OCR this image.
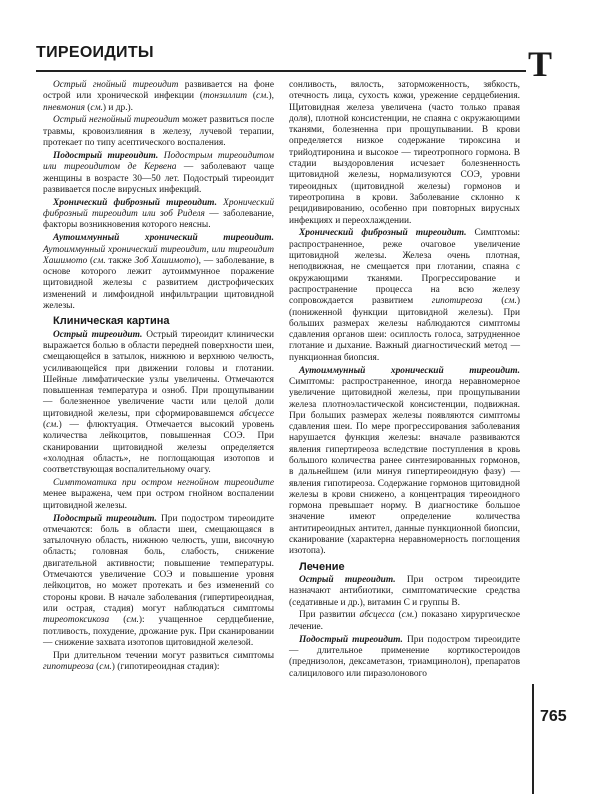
ТИРЕОИДИТЫ	Т

Острый гнойный тиреоидит развивается на фоне острой или хронической инфекции (тонзиллит (см.), пневмония (см.) и др.).

Острый негнойный тиреоидит может развиться после травмы, кровоизлияния в железу, лучевой терапии, протекает по типу асептического воспаления.

Подострый тиреоидит. Подострым тиреоидитом или тиреоидитом де Кервена — заболевают чаще женщины в возрасте 30—50 лет. Подострый тиреоидит развивается после вирусных инфекций.

Хронический фиброзный тиреоидит. Хронический фиброзный тиреоидит или зоб Риделя — заболевание, факторы возникновения которого неясны.

Аутоиммунный хронический тиреоидит. Аутоиммунный хронический тиреоидит, или тиреоидит Хашимото (см. также Зоб Хашимото), — заболевание, в основе которого лежит аутоиммунное поражение щитовидной железы с развитием дистрофических изменений и лимфоидной инфильтрации щитовидной железы.

Клиническая картина

Острый тиреоидит. Острый тиреоидит клинически выражается болью в области передней поверхности шеи, смещающейся в затылок, нижнюю и верхнюю челюсть, усиливающейся при движении головы и глотании. Шейные лимфатические узлы увеличены. Отмечаются повышенная температура и озноб. При прощупывании — болезненное увеличение части или целой доли щитовидной железы, при сформировавшемся абсцессе (см.) — флюктуация. Отмечается высокий уровень количества лейкоцитов, повышенная СОЭ. При сканировании щитовидной железы определяется «холодная область», не поглощающая изотопов и соответствующая воспалительному очагу.

Симптоматика при остром негнойном тиреоидите менее выражена, чем при остром гнойном воспалении щитовидной железы.

Подострый тиреоидит. При подостром тиреоидите отмечаются: боль в области шеи, смещающаяся в затылочную область, нижнюю челюсть, уши, височную область; головная боль, слабость, снижение двигательной активности; повышение температуры. Отмечаются увеличение СОЭ и повышение уровня лейкоцитов, но может протекать и без изменений со стороны крови. В начале заболевания (гипертиреоидная, или острая, стадия) могут наблюдаться симптомы тиреотоксикоза (см.): учащенное сердцебиение, потливость, похудение, дрожание рук. При сканировании — снижение захвата изотопов щитовидной железой.

При длительном течении могут развиться симптомы гипотиреоза (см.) (гипотиреоидная стадия):

сонливость, вялость, заторможенность, зябкость, отечность лица, сухость кожи, урежение сердцебиения. Щитовидная железа увеличена (часто только правая доля), плотной консистенции, не спаяна с окружающими тканями, болезненна при прощупывании. В крови определяется низкое содержание тироксина и трийодтиронина и высокое — тиреотропного гормона. В стадии выздоровления исчезает болезненность щитовидной железы, нормализуются СОЭ, уровни тиреоидных (щитовидной железы) гормонов и тиреотропина в крови. Заболевание склонно к рецидивированию, особенно при повторных вирусных инфекциях и переохлаждении.

Хронический фиброзный тиреоидит. Симптомы: распространенное, реже очаговое увеличение щитовидной железы. Железа очень плотная, неподвижная, не смещается при глотании, спаяна с окружающими тканями. Прогрессирование и распространение процесса на всю железу сопровождается развитием гипотиреоза (см.) (пониженной функции щитовидной железы). При больших размерах железы наблюдаются симптомы сдавления органов шеи: осиплость голоса, затрудненное глотание и дыхание. Важный диагностический метод — пункционная биопсия.

Аутоиммунный хронический тиреоидит. Симптомы: распространенное, иногда неравномерное увеличение щитовидной железы, при прощупывании железа плотноэластической консистенции, подвижная. При больших размерах железы появляются симптомы сдавления шеи. По мере прогрессирования заболевания нарушается функция железы: вначале развиваются явления гипертиреоза вследствие поступления в кровь большого количества ранее синтезированных гормонов, в дальнейшем (или минуя гипертиреоидную фазу) — явления гипотиреоза. Содержание гормонов щитовидной железы в крови снижено, а концентрация тиреоидного гормона превышает норму. В диагностике большое значение имеют определение количества антитиреоидных антител, данные пункционной биопсии, сканирование (характерна неравномерность поглощения изотопа).

Лечение

Острый тиреоидит. При остром тиреоидите назначают антибиотики, симптоматические средства (седативные и др.), витамин С и группы В.

При развитии абсцесса (см.) показано хирургическое лечение.

Подострый тиреоидит. При подостром тиреоидите — длительное применение кортикостероидов (преднизолон, дексаметазон, триамцинолон), препаратов салицилового или пиразолонового

765
